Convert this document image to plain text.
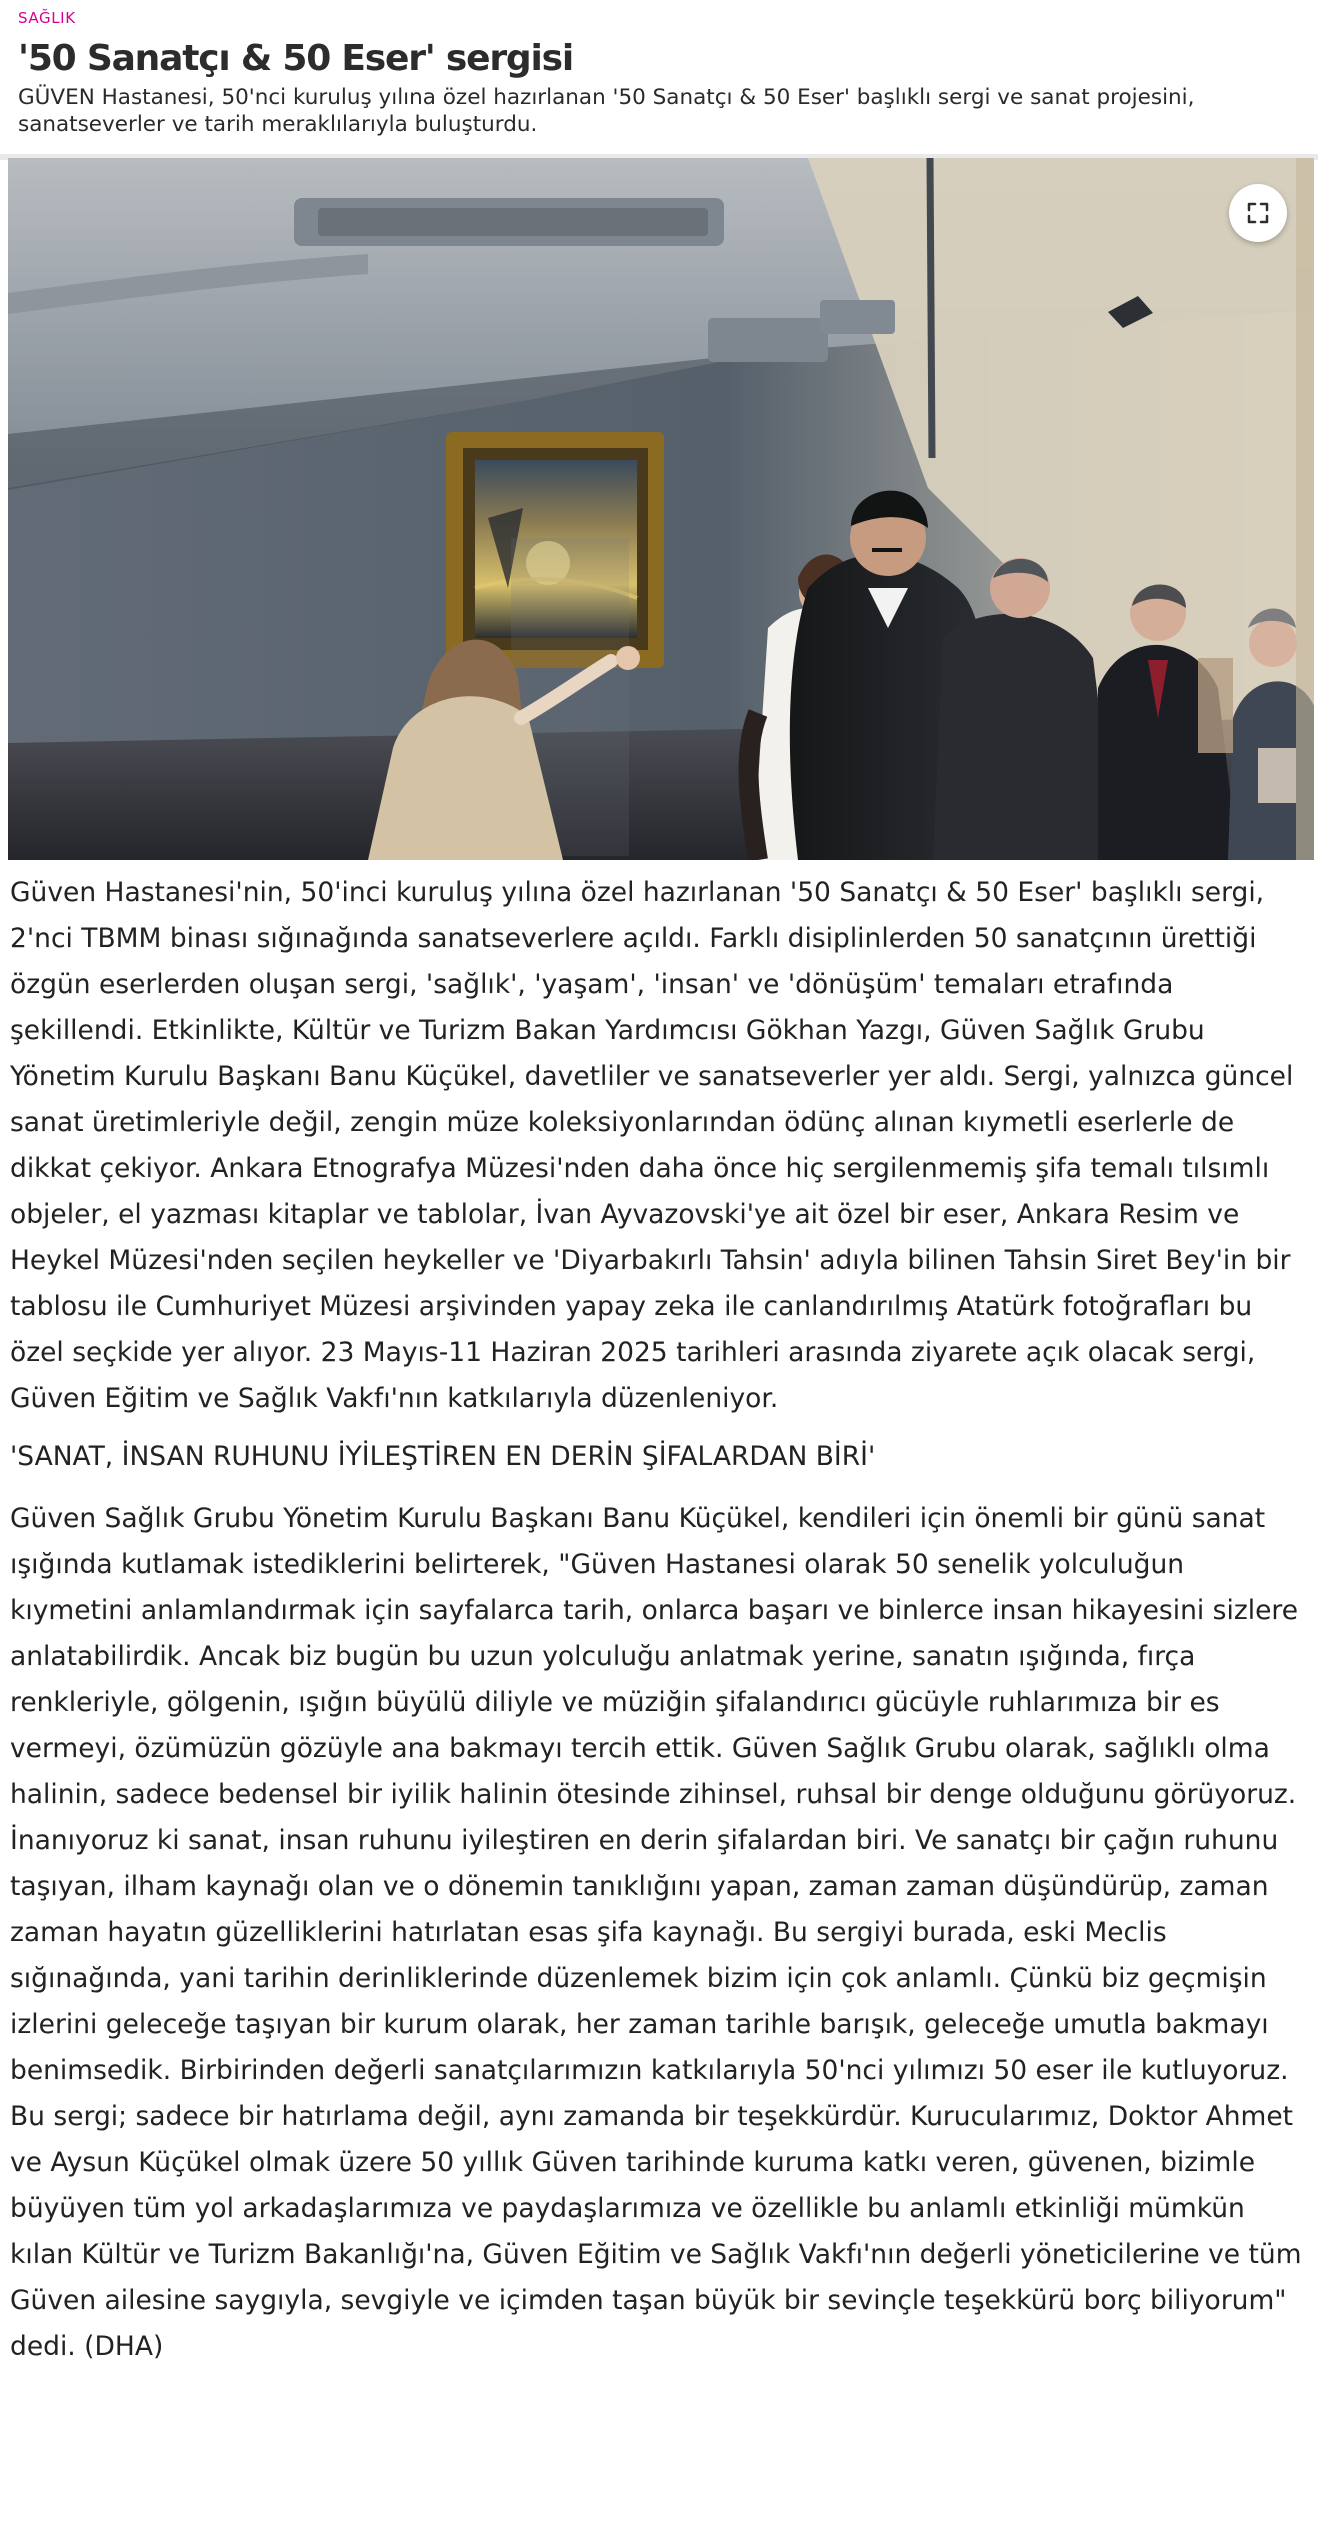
SAĞLIK
'50 Sanatçı & 50 Eser' sergisi

GÜVEN Hastanesi, 50'nci kuruluş yılına özel hazırlanan '50 Sanatçı & 50 Eser' başlıklı sergi ve sanat projesini, sanatseverler ve tarih meraklılarıyla buluşturdu.

Güven Hastanesi'nin, 50'inci kuruluş yılına özel hazırlanan '50 Sanatçı & 50 Eser' başlıklı sergi, 2'nci TBMM binası sığınağında sanatseverlere açıldı. Farklı disiplinlerden 50 sanatçının ürettiği özgün eserlerden oluşan sergi, 'sağlık', 'yaşam', 'insan' ve 'dönüşüm' temaları etrafında şekillendi. Etkinlikte, Kültür ve Turizm Bakan Yardımcısı Gökhan Yazgı, Güven Sağlık Grubu Yönetim Kurulu Başkanı Banu Küçükel, davetliler ve sanatseverler yer aldı. Sergi, yalnızca güncel sanat üretimleriyle değil, zengin müze koleksiyonlarından ödünç alınan kıymetli eserlerle de dikkat çekiyor. Ankara Etnografya Müzesi'nden daha önce hiç sergilenmemiş şifa temalı tılsımlı objeler, el yazması kitaplar ve tablolar, İvan Ayvazovski'ye ait özel bir eser, Ankara Resim ve Heykel Müzesi'nden seçilen heykeller ve 'Diyarbakırlı Tahsin' adıyla bilinen Tahsin Siret Bey'in bir tablosu ile Cumhuriyet Müzesi arşivinden yapay zeka ile canlandırılmış Atatürk fotoğrafları bu özel seçkide yer alıyor. 23 Mayıs-11 Haziran 2025 tarihleri arasında ziyarete açık olacak sergi, Güven Eğitim ve Sağlık Vakfı'nın katkılarıyla düzenleniyor.

'SANAT, İNSAN RUHUNU İYİLEŞTİREN EN DERİN ŞİFALARDAN BİRİ'

Güven Sağlık Grubu Yönetim Kurulu Başkanı Banu Küçükel, kendileri için önemli bir günü sanat ışığında kutlamak istediklerini belirterek, "Güven Hastanesi olarak 50 senelik yolculuğun kıymetini anlamlandırmak için sayfalarca tarih, onlarca başarı ve binlerce insan hikayesini sizlere anlatabilirdik. Ancak biz bugün bu uzun yolculuğu anlatmak yerine, sanatın ışığında, fırça renkleriyle, gölgenin, ışığın büyülü diliyle ve müziğin şifalandırıcı gücüyle ruhlarımıza bir es vermeyi, özümüzün gözüyle ana bakmayı tercih ettik. Güven Sağlık Grubu olarak, sağlıklı olma halinin, sadece bedensel bir iyilik halinin ötesinde zihinsel, ruhsal bir denge olduğunu görüyoruz. İnanıyoruz ki sanat, insan ruhunu iyileştiren en derin şifalardan biri. Ve sanatçı bir çağın ruhunu taşıyan, ilham kaynağı olan ve o dönemin tanıklığını yapan, zaman zaman düşündürüp, zaman zaman hayatın güzelliklerini hatırlatan esas şifa kaynağı. Bu sergiyi burada, eski Meclis sığınağında, yani tarihin derinliklerinde düzenlemek bizim için çok anlamlı. Çünkü biz geçmişin izlerini geleceğe taşıyan bir kurum olarak, her zaman tarihle barışık, geleceğe umutla bakmayı benimsedik. Birbirinden değerli sanatçılarımızın katkılarıyla 50'nci yılımızı 50 eser ile kutluyoruz. Bu sergi; sadece bir hatırlama değil, aynı zamanda bir teşekkürdür. Kurucularımız, Doktor Ahmet ve Aysun Küçükel olmak üzere 50 yıllık Güven tarihinde kuruma katkı veren, güvenen, bizimle büyüyen tüm yol arkadaşlarımıza ve paydaşlarımıza ve özellikle bu anlamlı etkinliği mümkün kılan Kültür ve Turizm Bakanlığı'na, Güven Eğitim ve Sağlık Vakfı'nın değerli yöneticilerine ve tüm Güven ailesine saygıyla, sevgiyle ve içimden taşan büyük bir sevinçle teşekkürü borç biliyorum" dedi. (DHA)
